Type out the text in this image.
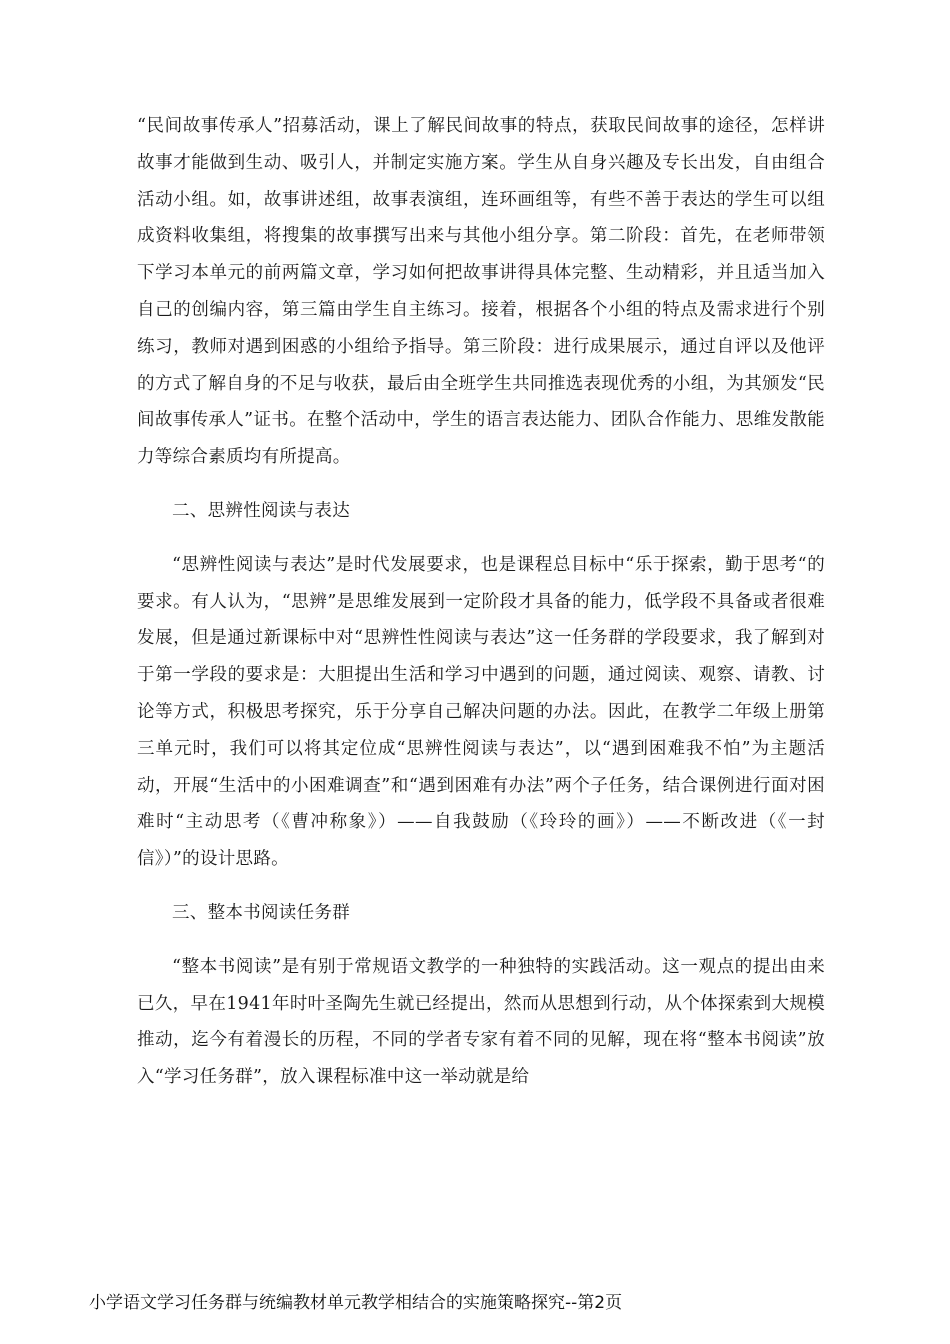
“民间故事传承人”招募活动，课上了解民间故事的特点，获取民间故事的途径，怎样讲故事才能做到生动、吸引人，并制定实施方案。学生从自身兴趣及专长出发，自由组合活动小组。如，故事讲述组，故事表演组，连环画组等，有些不善于表达的学生可以组成资料收集组，将搜集的故事撰写出来与其他小组分享。第二阶段：首先，在老师带领下学习本单元的前两篇文章，学习如何把故事讲得具体完整、生动精彩，并且适当加入自己的创编内容，第三篇由学生自主练习。接着，根据各个小组的特点及需求进行个别练习，教师对遇到困惑的小组给予指导。第三阶段：进行成果展示，通过自评以及他评的方式了解自身的不足与收获，最后由全班学生共同推选表现优秀的小组，为其颁发“民间故事传承人”证书。在整个活动中，学生的语言表达能力、团队合作能力、思维发散能力等综合素质均有所提高。

二、思辨性阅读与表达

“思辨性阅读与表达”是时代发展要求，也是课程总目标中“乐于探索，勤于思考“的要求。有人认为，“思辨”是思维发展到一定阶段才具备的能力，低学段不具备或者很难发展，但是通过新课标中对“思辨性性阅读与表达”这一任务群的学段要求，我了解到对于第一学段的要求是：大胆提出生活和学习中遇到的问题，通过阅读、观察、请教、讨论等方式，积极思考探究，乐于分享自己解决问题的办法。因此，在教学二年级上册第三单元时，我们可以将其定位成“思辨性阅读与表达”，以“遇到困难我不怕”为主题活动，开展“生活中的小困难调查”和“遇到困难有办法”两个子任务，结合课例进行面对困难时“主动思考（《曹冲称象》）——自我鼓励（《玲玲的画》）——不断改进（《一封信》）”的设计思路。

三、整本书阅读任务群

“整本书阅读”是有别于常规语文教学的一种独特的实践活动。这一观点的提出由来已久，早在1941年时叶圣陶先生就已经提出，然而从思想到行动，从个体探索到大规模推动，迄今有着漫长的历程，不同的学者专家有着不同的见解，现在将“整本书阅读”放入“学习任务群”，放入课程标准中这一举动就是给

小学语文学习任务群与统编教材单元教学相结合的实施策略探究--第2页
